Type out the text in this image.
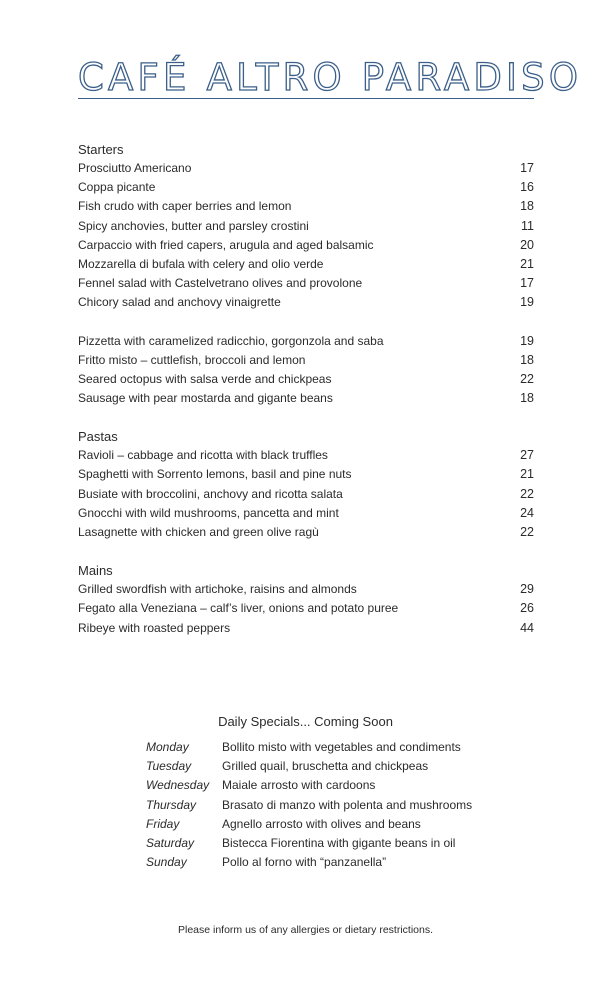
CAFÉ ALTRO PARADISO
Starters
Prosciutto Americano	17
Coppa picante	16
Fish crudo with caper berries and lemon	18
Spicy anchovies, butter and parsley crostini	11
Carpaccio with fried capers, arugula and aged balsamic	20
Mozzarella di bufala with celery and olio verde	21
Fennel salad with Castelvetrano olives and provolone	17
Chicory salad and anchovy vinaigrette	19
Pizzetta with caramelized radicchio, gorgonzola and saba	19
Fritto misto – cuttlefish, broccoli and lemon	18
Seared octopus with salsa verde and chickpeas	22
Sausage with pear mostarda and gigante beans	18
Pastas
Ravioli – cabbage and ricotta with black truffles	27
Spaghetti with Sorrento lemons, basil and pine nuts	21
Busiate with broccolini, anchovy and ricotta salata	22
Gnocchi with wild mushrooms, pancetta and mint	24
Lasagnette with chicken and green olive ragù	22
Mains
Grilled swordfish with artichoke, raisins and almonds	29
Fegato alla Veneziana – calf’s liver, onions and potato puree	26
Ribeye with roasted peppers	44
Daily Specials... Coming Soon
Monday	Bollito misto with vegetables and condiments
Tuesday	Grilled quail, bruschetta and chickpeas
Wednesday	Maiale arrosto with cardoons
Thursday	Brasato di manzo with polenta and mushrooms
Friday	Agnello arrosto with olives and beans
Saturday	Bistecca Fiorentina with gigante beans in oil
Sunday	Pollo al forno with “panzanella”
Please inform us of any allergies or dietary restrictions.
